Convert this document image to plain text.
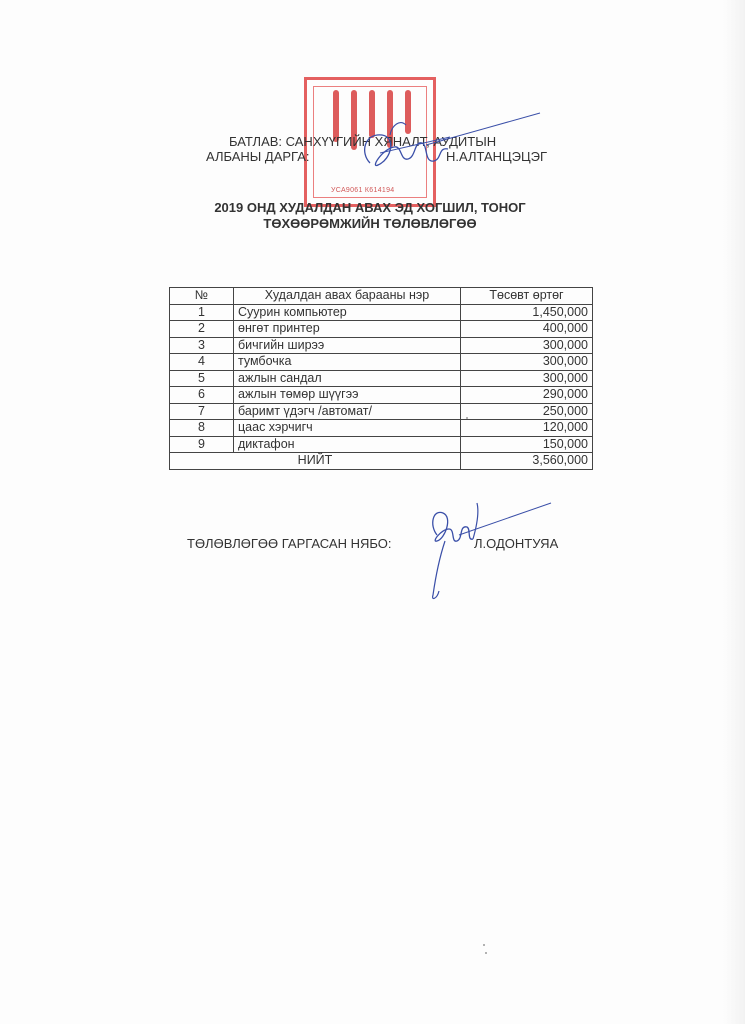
УСА9061 К614194
БАТЛАВ: САНХҮҮГИЙН ХЯНАЛТ, АУДИТЫН
АЛБАНЫ ДАРГА:	Н.АЛТАНЦЭЦЭГ
2019 ОНД ХУДАЛДАН АВАХ ЭД ХОГШИЛ, ТОНОГ
ТӨХӨӨРӨМЖИЙН ТӨЛӨВЛӨГӨӨ
№	Худалдан авах барааны нэр	Төсөвт өртөг
1	Суурин компьютер	1,450,000
2	өнгөт принтер	400,000
3	бичгийн ширээ	300,000
4	тумбочка	300,000
5	ажлын сандал	300,000
6	ажлын төмөр шүүгээ	290,000
7	баримт үдэгч /автомат/	250,000
8	цаас хэрчигч	120,000
9	диктафон	150,000
НИЙТ		3,560,000
ТӨЛӨВЛӨГӨӨ ГАРГАСАН НЯБО:	Л.ОДОНТУЯА
